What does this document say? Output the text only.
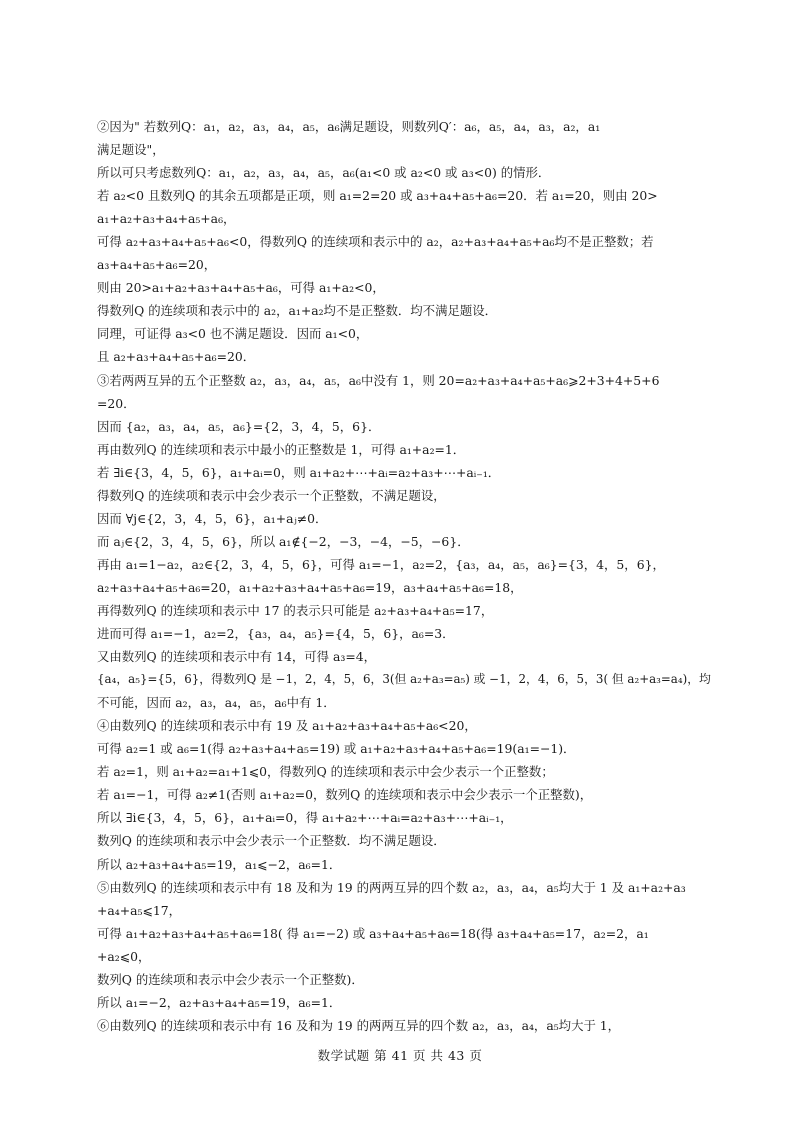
②因为" 若数列Q：a₁，a₂，a₃，a₄，a₅，a₆满足题设，则数列Q′：a₆，a₅，a₄，a₃，a₂，a₁
满足题设"，
所以可只考虑数列Q：a₁，a₂，a₃，a₄，a₅，a₆(a₁<0 或 a₂<0 或 a₃<0) 的情形．
若 a₂<0 且数列Q 的其余五项都是正项，则 a₁=2=20 或 a₃+a₄+a₅+a₆=20．若 a₁=20，则由 20>
a₁+a₂+a₃+a₄+a₅+a₆，
可得 a₂+a₃+a₄+a₅+a₆<0，得数列Q 的连续项和表示中的 a₂，a₂+a₃+a₄+a₅+a₆均不是正整数；若
a₃+a₄+a₅+a₆=20，
则由 20>a₁+a₂+a₃+a₄+a₅+a₆，可得 a₁+a₂<0，
得数列Q 的连续项和表示中的 a₂，a₁+a₂均不是正整数．均不满足题设．
同理，可证得 a₃<0 也不满足题设．因而 a₁<0，
且 a₂+a₃+a₄+a₅+a₆=20．
③若两两互异的五个正整数 a₂，a₃，a₄，a₅，a₆中没有 1，则 20=a₂+a₃+a₄+a₅+a₆⩾2+3+4+5+6
=20．
因而 {a₂，a₃，a₄，a₅，a₆}={2，3，4，5，6}．
再由数列Q 的连续项和表示中最小的正整数是 1，可得 a₁+a₂=1．
若 ∃i∈{3，4，5，6}，a₁+aᵢ=0，则 a₁+a₂+⋯+aᵢ=a₂+a₃+⋯+aᵢ₋₁．
得数列Q 的连续项和表示中会少表示一个正整数，不满足题设，
因而 ∀j∈{2，3，4，5，6}，a₁+aⱼ≠0．
而 aⱼ∈{2，3，4，5，6}，所以 a₁∉{−2，−3，−4，−5，−6}．
再由 a₁=1−a₂，a₂∈{2，3，4，5，6}，可得 a₁=−1，a₂=2，{a₃，a₄，a₅，a₆}={3，4，5，6}，
a₂+a₃+a₄+a₅+a₆=20，a₁+a₂+a₃+a₄+a₅+a₆=19，a₃+a₄+a₅+a₆=18，
再得数列Q 的连续项和表示中 17 的表示只可能是 a₂+a₃+a₄+a₅=17，
进而可得 a₁=−1，a₂=2，{a₃，a₄，a₅}={4，5，6}，a₆=3．
又由数列Q 的连续项和表示中有 14，可得 a₃=4，
{a₄，a₅}={5，6}，得数列Q 是 −1，2，4，5，6，3(但 a₂+a₃=a₅) 或 −1，2，4，6，5，3( 但 a₂+a₃=a₄)，均
不可能，因而 a₂，a₃，a₄，a₅，a₆中有 1．
④由数列Q 的连续项和表示中有 19 及 a₁+a₂+a₃+a₄+a₅+a₆<20，
可得 a₂=1 或 a₆=1(得 a₂+a₃+a₄+a₅=19) 或 a₁+a₂+a₃+a₄+a₅+a₆=19(a₁=−1)．
若 a₂=1，则 a₁+a₂=a₁+1⩽0，得数列Q 的连续项和表示中会少表示一个正整数；
若 a₁=−1，可得 a₂≠1(否则 a₁+a₂=0，数列Q 的连续项和表示中会少表示一个正整数)，
所以 ∃i∈{3，4，5，6}，a₁+aᵢ=0，得 a₁+a₂+⋯+aᵢ=a₂+a₃+⋯+aᵢ₋₁，
数列Q 的连续项和表示中会少表示一个正整数．均不满足题设．
所以 a₂+a₃+a₄+a₅=19，a₁⩽−2，a₆=1．
⑤由数列Q 的连续项和表示中有 18 及和为 19 的两两互异的四个数 a₂，a₃，a₄，a₅均大于 1 及 a₁+a₂+a₃
+a₄+a₅⩽17，
可得 a₁+a₂+a₃+a₄+a₅+a₆=18( 得 a₁=−2) 或 a₃+a₄+a₅+a₆=18(得 a₃+a₄+a₅=17，a₂=2，a₁
+a₂⩽0，
数列Q 的连续项和表示中会少表示一个正整数)．
所以 a₁=−2，a₂+a₃+a₄+a₅=19，a₆=1．
⑥由数列Q 的连续项和表示中有 16 及和为 19 的两两互异的四个数 a₂，a₃，a₄，a₅均大于 1，
数学试题 第 41 页 共 43 页
